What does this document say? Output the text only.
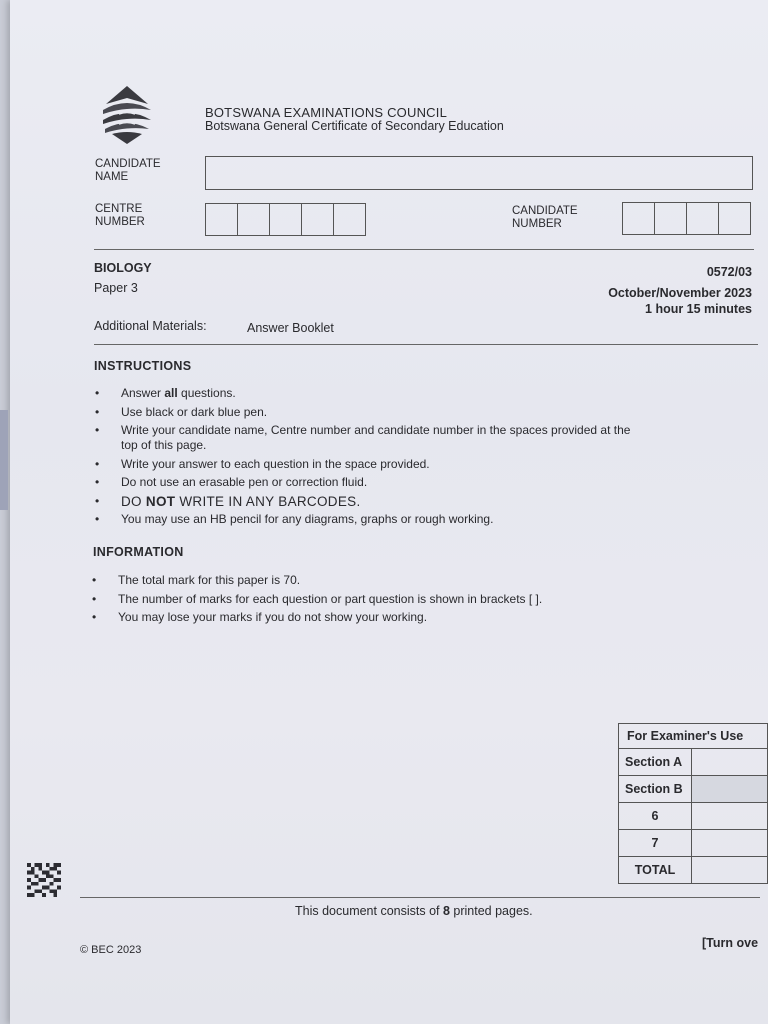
BOTSWANA EXAMINATIONS COUNCIL
Botswana General Certificate of Secondary Education
CANDIDATE
NAME
CENTRE
NUMBER
CANDIDATE
NUMBER
BIOLOGY
Paper 3
0572/03
October/November 2023
1 hour 15 minutes
Additional Materials:	Answer Booklet
INSTRUCTIONS
• Answer all questions.
• Use black or dark blue pen.
• Write your candidate name, Centre number and candidate number in the spaces provided at the top of this page.
• Write your answer to each question in the space provided.
• Do not use an erasable pen or correction fluid.
• DO NOT WRITE IN ANY BARCODES.
• You may use an HB pencil for any diagrams, graphs or rough working.
INFORMATION
• The total mark for this paper is 70.
• The number of marks for each question or part question is shown in brackets [ ].
• You may lose your marks if you do not show your working.
For Examiner's Use	
Section A	
Section B	
6	
7	
TOTAL	
This document consists of 8 printed pages.
© BEC 2023	[Turn ove
